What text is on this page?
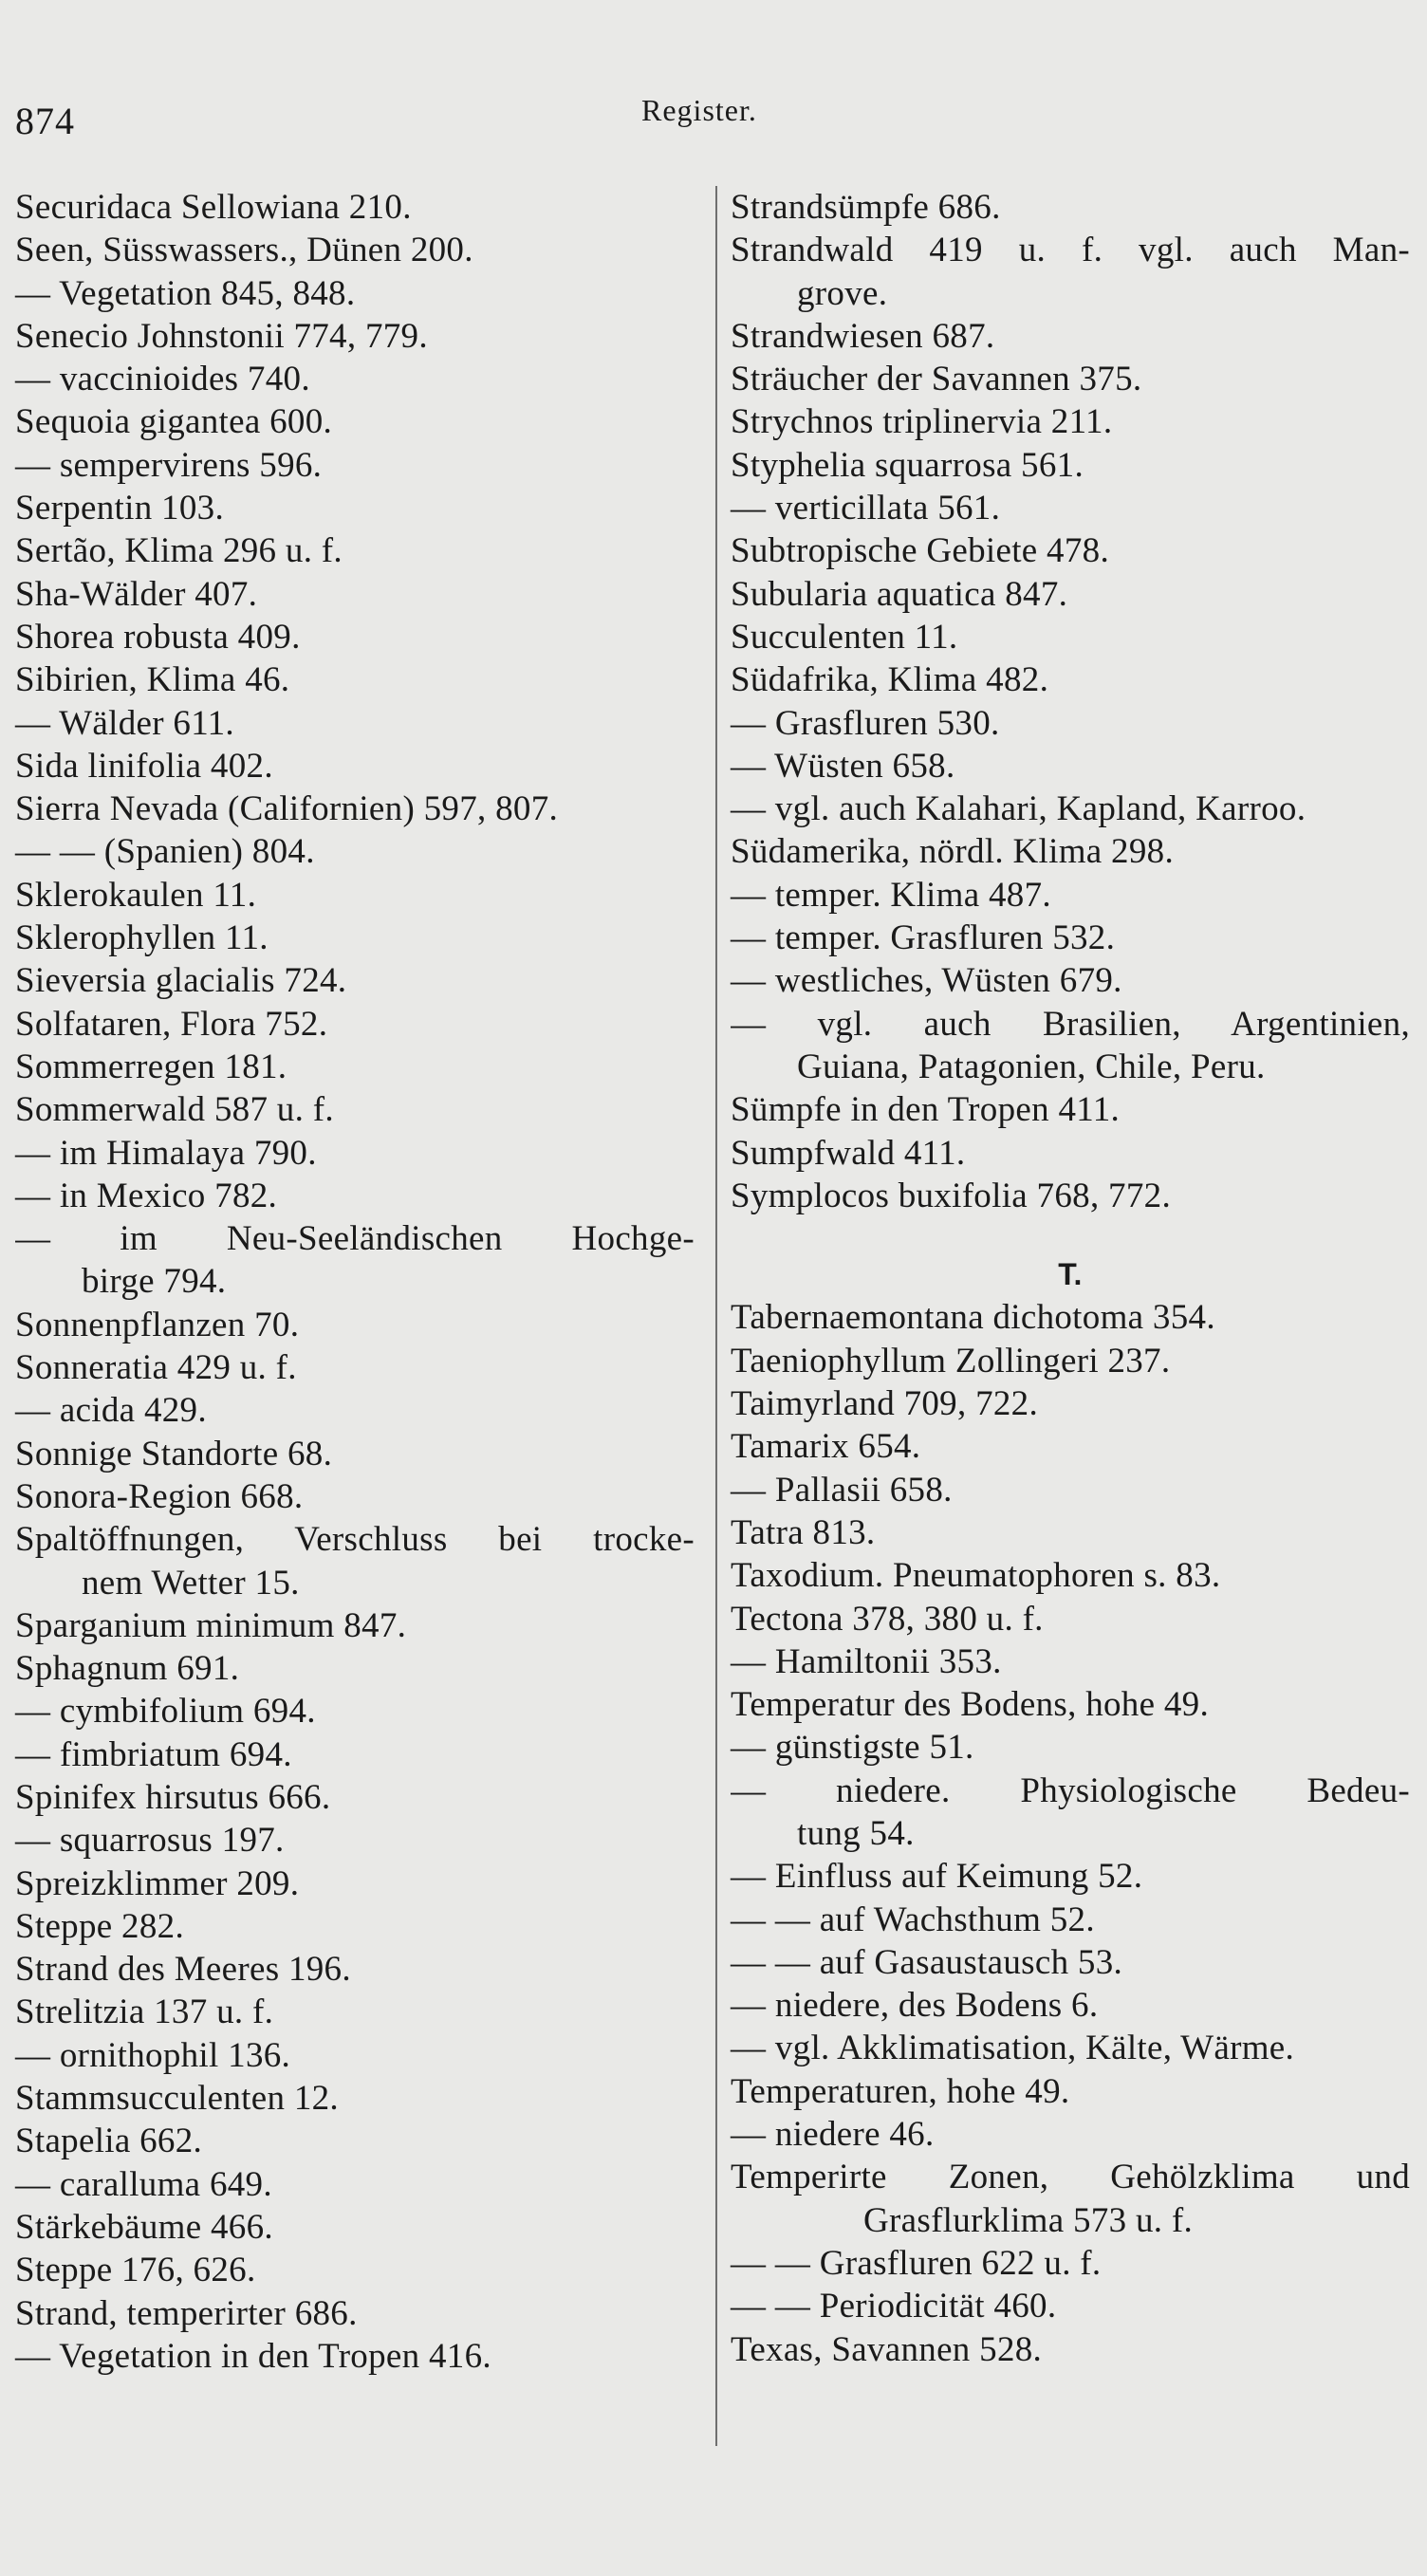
874	Register.
Securidaca Sellowiana 210.
Seen, Süsswassers., Dünen 200.
— Vegetation 845, 848.
Senecio Johnstonii 774, 779.
— vaccinioides 740.
Sequoia gigantea 600.
— sempervirens 596.
Serpentin 103.
Sertão, Klima 296 u. f.
Sha-Wälder 407.
Shorea robusta 409.
Sibirien, Klima 46.
— Wälder 611.
Sida linifolia 402.
Sierra Nevada (Californien) 597, 807.
— — (Spanien) 804.
Sklerokaulen 11.
Sklerophyllen 11.
Sieversia glacialis 724.
Solfataren, Flora 752.
Sommerregen 181.
Sommerwald 587 u. f.
— im Himalaya 790.
— in Mexico 782.
— im Neu-Seeländischen Hochge-
birge 794.
Sonnenpflanzen 70.
Sonneratia 429 u. f.
— acida 429.
Sonnige Standorte 68.
Sonora-Region 668.
Spaltöffnungen, Verschluss bei trocke-
nem Wetter 15.
Sparganium minimum 847.
Sphagnum 691.
— cymbifolium 694.
— fimbriatum 694.
Spinifex hirsutus 666.
— squarrosus 197.
Spreizklimmer 209.
Steppe 282.
Strand des Meeres 196.
Strelitzia 137 u. f.
— ornithophil 136.
Stammsucculenten 12.
Stapelia 662.
— caralluma 649.
Stärkebäume 466.
Steppe 176, 626.
Strand, temperirter 686.
— Vegetation in den Tropen 416.
Strandsümpfe 686.
Strandwald 419 u. f. vgl. auch Man-
grove.
Strandwiesen 687.
Sträucher der Savannen 375.
Strychnos triplinervia 211.
Styphelia squarrosa 561.
— verticillata 561.
Subtropische Gebiete 478.
Subularia aquatica 847.
Succulenten 11.
Südafrika, Klima 482.
— Grasfluren 530.
— Wüsten 658.
— vgl. auch Kalahari, Kapland, Karroo.
Südamerika, nördl. Klima 298.
— temper. Klima 487.
— temper. Grasfluren 532.
— westliches, Wüsten 679.
— vgl. auch Brasilien, Argentinien,
Guiana, Patagonien, Chile, Peru.
Sümpfe in den Tropen 411.
Sumpfwald 411.
Symplocos buxifolia 768, 772.
T.
Tabernaemontana dichotoma 354.
Taeniophyllum Zollingeri 237.
Taimyrland 709, 722.
Tamarix 654.
— Pallasii 658.
Tatra 813.
Taxodium. Pneumatophoren s. 83.
Tectona 378, 380 u. f.
— Hamiltonii 353.
Temperatur des Bodens, hohe 49.
— günstigste 51.
— niedere. Physiologische Bedeu-
tung 54.
— Einfluss auf Keimung 52.
— — auf Wachsthum 52.
— — auf Gasaustausch 53.
— niedere, des Bodens 6.
— vgl. Akklimatisation, Kälte, Wärme.
Temperaturen, hohe 49.
— niedere 46.
Temperirte Zonen, Gehölzklima und
Grasflurklima 573 u. f.
— — Grasfluren 622 u. f.
— — Periodicität 460.
Texas, Savannen 528.
